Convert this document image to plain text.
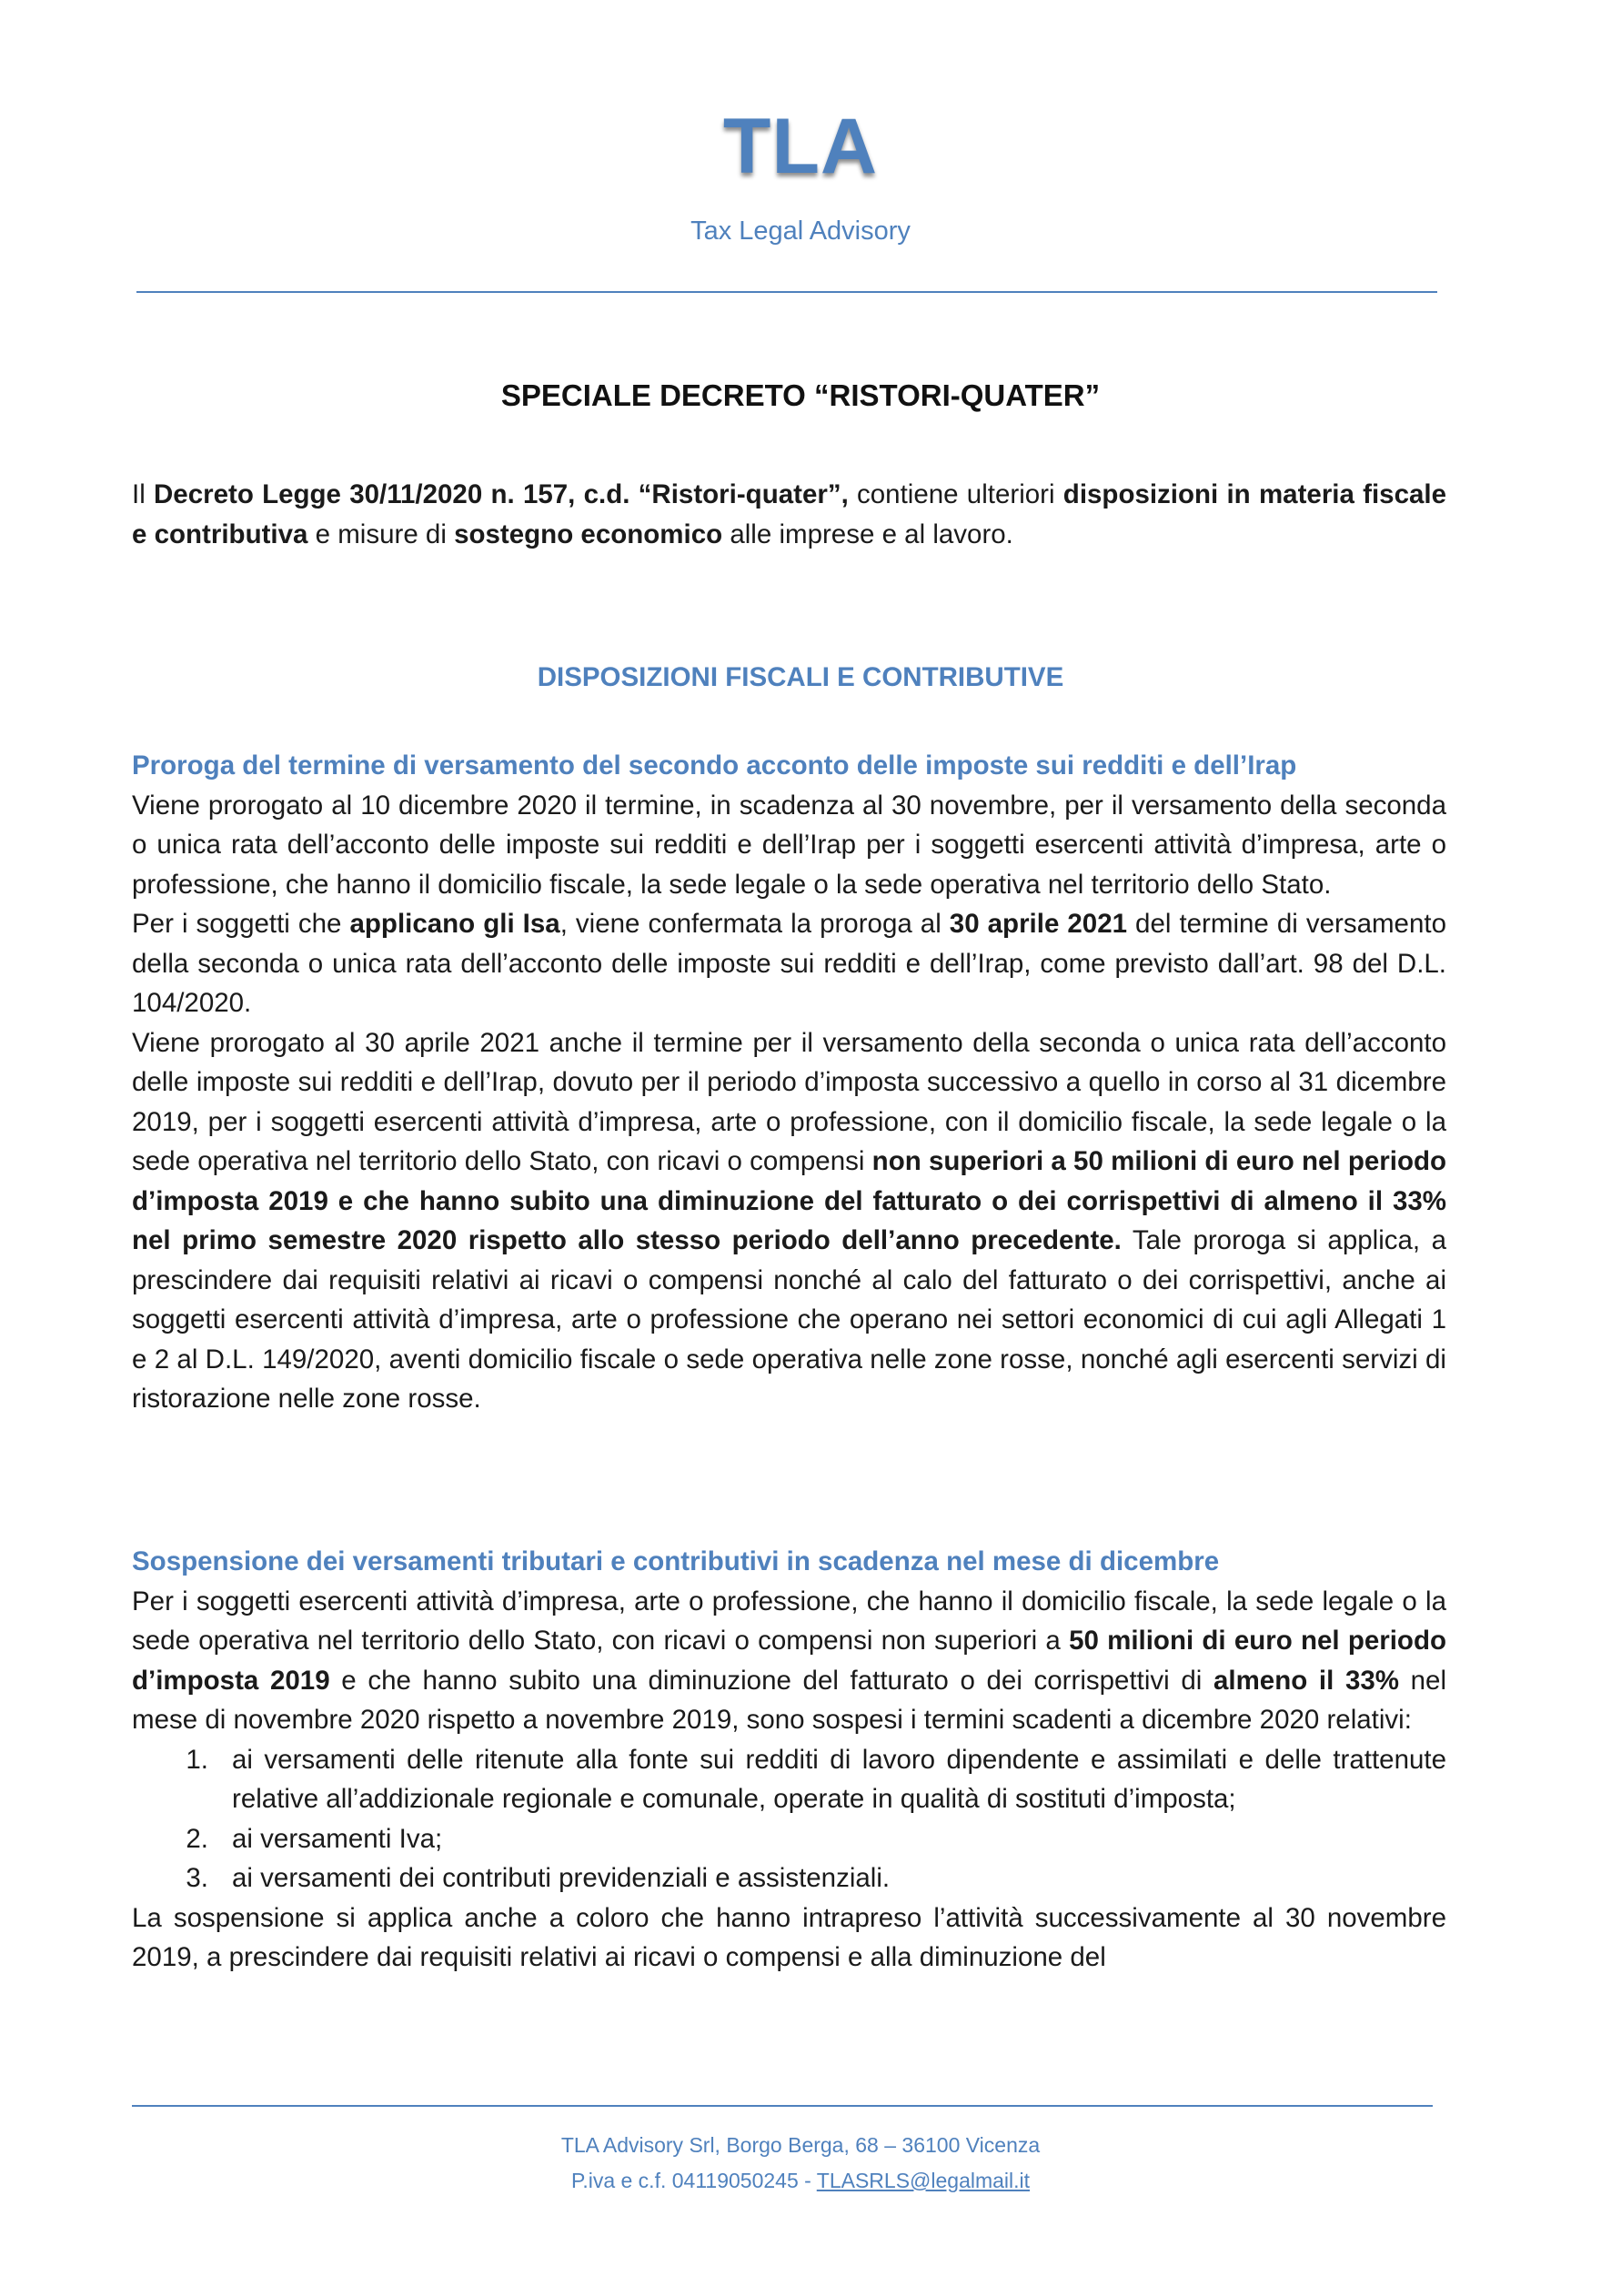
TLA
Tax Legal Advisory
SPECIALE DECRETO “RISTORI-QUATER”

Il Decreto Legge 30/11/2020 n. 157, c.d. “Ristori-quater”, contiene ulteriori disposizioni in materia fiscale e contributiva e misure di sostegno economico alle imprese e al lavoro.

DISPOSIZIONI FISCALI E CONTRIBUTIVE

Proroga del termine di versamento del secondo acconto delle imposte sui redditi e dell’Irap

Viene prorogato al 10 dicembre 2020 il termine, in scadenza al 30 novembre, per il versamento della seconda o unica rata dell’acconto delle imposte sui redditi e dell’Irap per i soggetti esercenti attività d’impresa, arte o professione, che hanno il domicilio fiscale, la sede legale o la sede operativa nel territorio dello Stato.

Per i soggetti che applicano gli Isa, viene confermata la proroga al 30 aprile 2021 del termine di versamento della seconda o unica rata dell’acconto delle imposte sui redditi e dell’Irap, come previsto dall’art. 98 del D.L. 104/2020.

Viene prorogato al 30 aprile 2021 anche il termine per il versamento della seconda o unica rata dell’acconto delle imposte sui redditi e dell’Irap, dovuto per il periodo d’imposta successivo a quello in corso al 31 dicembre 2019, per i soggetti esercenti attività d’impresa, arte o professione, con il domicilio fiscale, la sede legale o la sede operativa nel territorio dello Stato, con ricavi o compensi non superiori a 50 milioni di euro nel periodo d’imposta 2019 e che hanno subito una diminuzione del fatturato o dei corrispettivi di almeno il 33% nel primo semestre 2020 rispetto allo stesso periodo dell’anno precedente. Tale proroga si applica, a prescindere dai requisiti relativi ai ricavi o compensi nonché al calo del fatturato o dei corrispettivi, anche ai soggetti esercenti attività d’impresa, arte o professione che operano nei settori economici di cui agli Allegati 1 e 2 al D.L. 149/2020, aventi domicilio fiscale o sede operativa nelle zone rosse, nonché agli esercenti servizi di ristorazione nelle zone rosse.

Sospensione dei versamenti tributari e contributivi in scadenza nel mese di dicembre

Per i soggetti esercenti attività d’impresa, arte o professione, che hanno il domicilio fiscale, la sede legale o la sede operativa nel territorio dello Stato, con ricavi o compensi non superiori a 50 milioni di euro nel periodo d’imposta 2019 e che hanno subito una diminuzione del fatturato o dei corrispettivi di almeno il 33% nel mese di novembre 2020 rispetto a novembre 2019, sono sospesi i termini scadenti a dicembre 2020 relativi:

1. ai versamenti delle ritenute alla fonte sui redditi di lavoro dipendente e assimilati e delle trattenute relative all’addizionale regionale e comunale, operate in qualità di sostituti d’imposta;
2. ai versamenti Iva;
3. ai versamenti dei contributi previdenziali e assistenziali.

La sospensione si applica anche a coloro che hanno intrapreso l’attività successivamente al 30 novembre 2019, a prescindere dai requisiti relativi ai ricavi o compensi e alla diminuzione del

TLA Advisory Srl, Borgo Berga, 68 – 36100 Vicenza
P.iva e c.f. 04119050245 - TLASRLS@legalmail.it
